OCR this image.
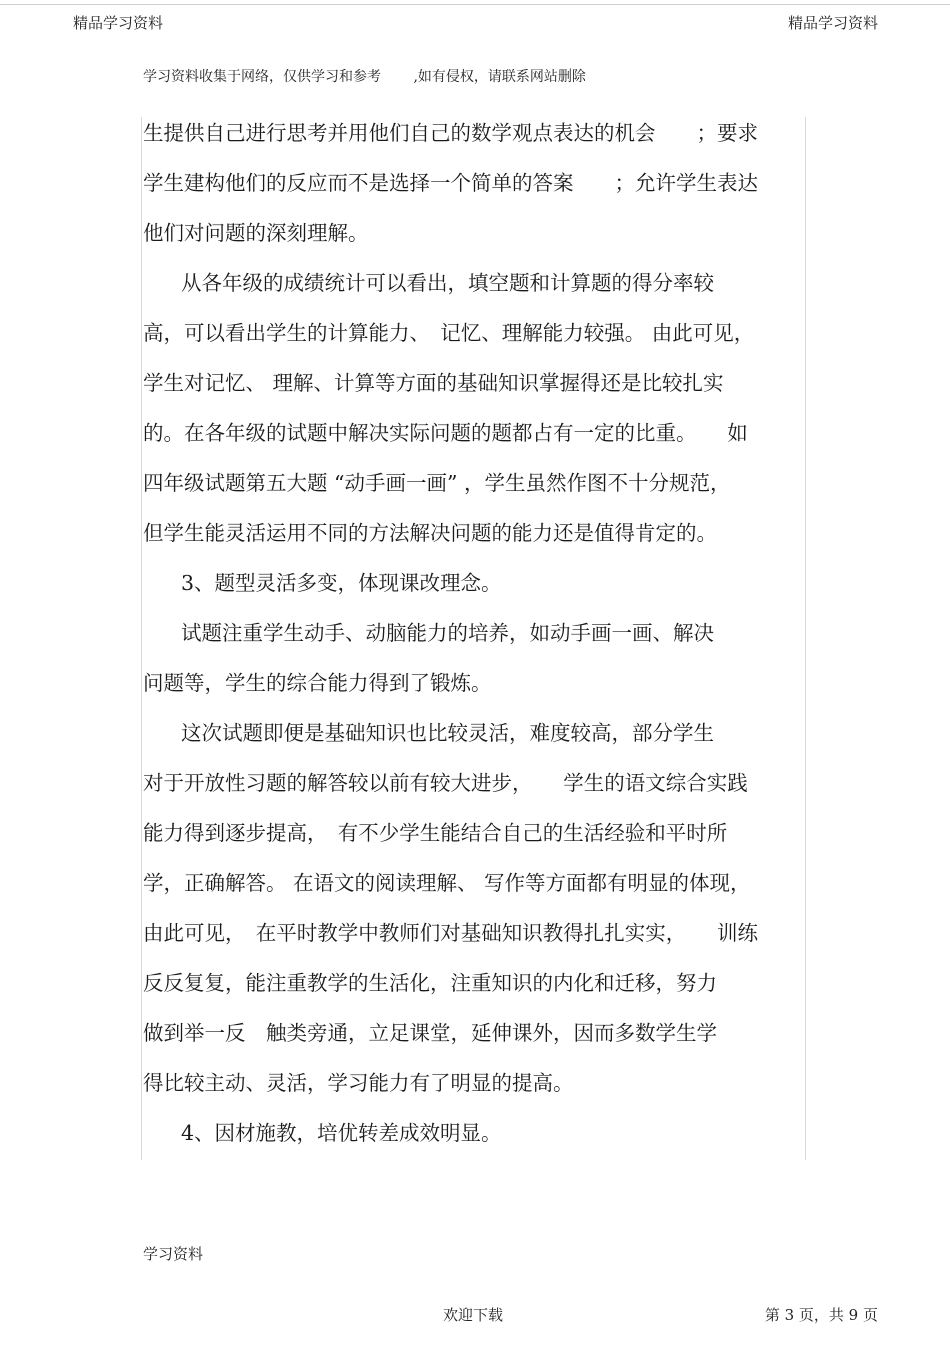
精品学习资料	精品学习资料
学习资料收集于网络，仅供学习和参考　　 ,如有侵权，请联系网站删除
生提供自己进行思考并用他们自己的数学观点表达的机会　　；要求
学生建构他们的反应而不是选择一个简单的答案　　；允许学生表达
他们对问题的深刻理解。
从各年级的成绩统计可以看出，填空题和计算题的得分率较
高，可以看出学生的计算能力、　记忆、理解能力较强。 由此可见，
学生对记忆、 理解、计算等方面的基础知识掌握得还是比较扎实
的。在各年级的试题中解决实际问题的题都占有一定的比重。　　如
四年级试题第五大题 “动手画一画” ，学生虽然作图不十分规范，
但学生能灵活运用不同的方法解决问题的能力还是值得肯定的。
3、题型灵活多变，体现课改理念。
试题注重学生动手、动脑能力的培养，如动手画一画、解决
问题等，学生的综合能力得到了锻炼。
这次试题即便是基础知识也比较灵活，难度较高，部分学生
对于开放性习题的解答较以前有较大进步，　　学生的语文综合实践
能力得到逐步提高，　有不少学生能结合自己的生活经验和平时所
学，正确解答。 在语文的阅读理解、 写作等方面都有明显的体现，
由此可见，　在平时教学中教师们对基础知识教得扎扎实实，　　训练
反反复复，能注重教学的生活化，注重知识的内化和迁移，努力
做到举一反　触类旁通，立足课堂，延伸课外，因而多数学生学
得比较主动、灵活，学习能力有了明显的提高。
4、因材施教，培优转差成效明显。
学习资料
欢迎下载	第 3 页，共 9 页
